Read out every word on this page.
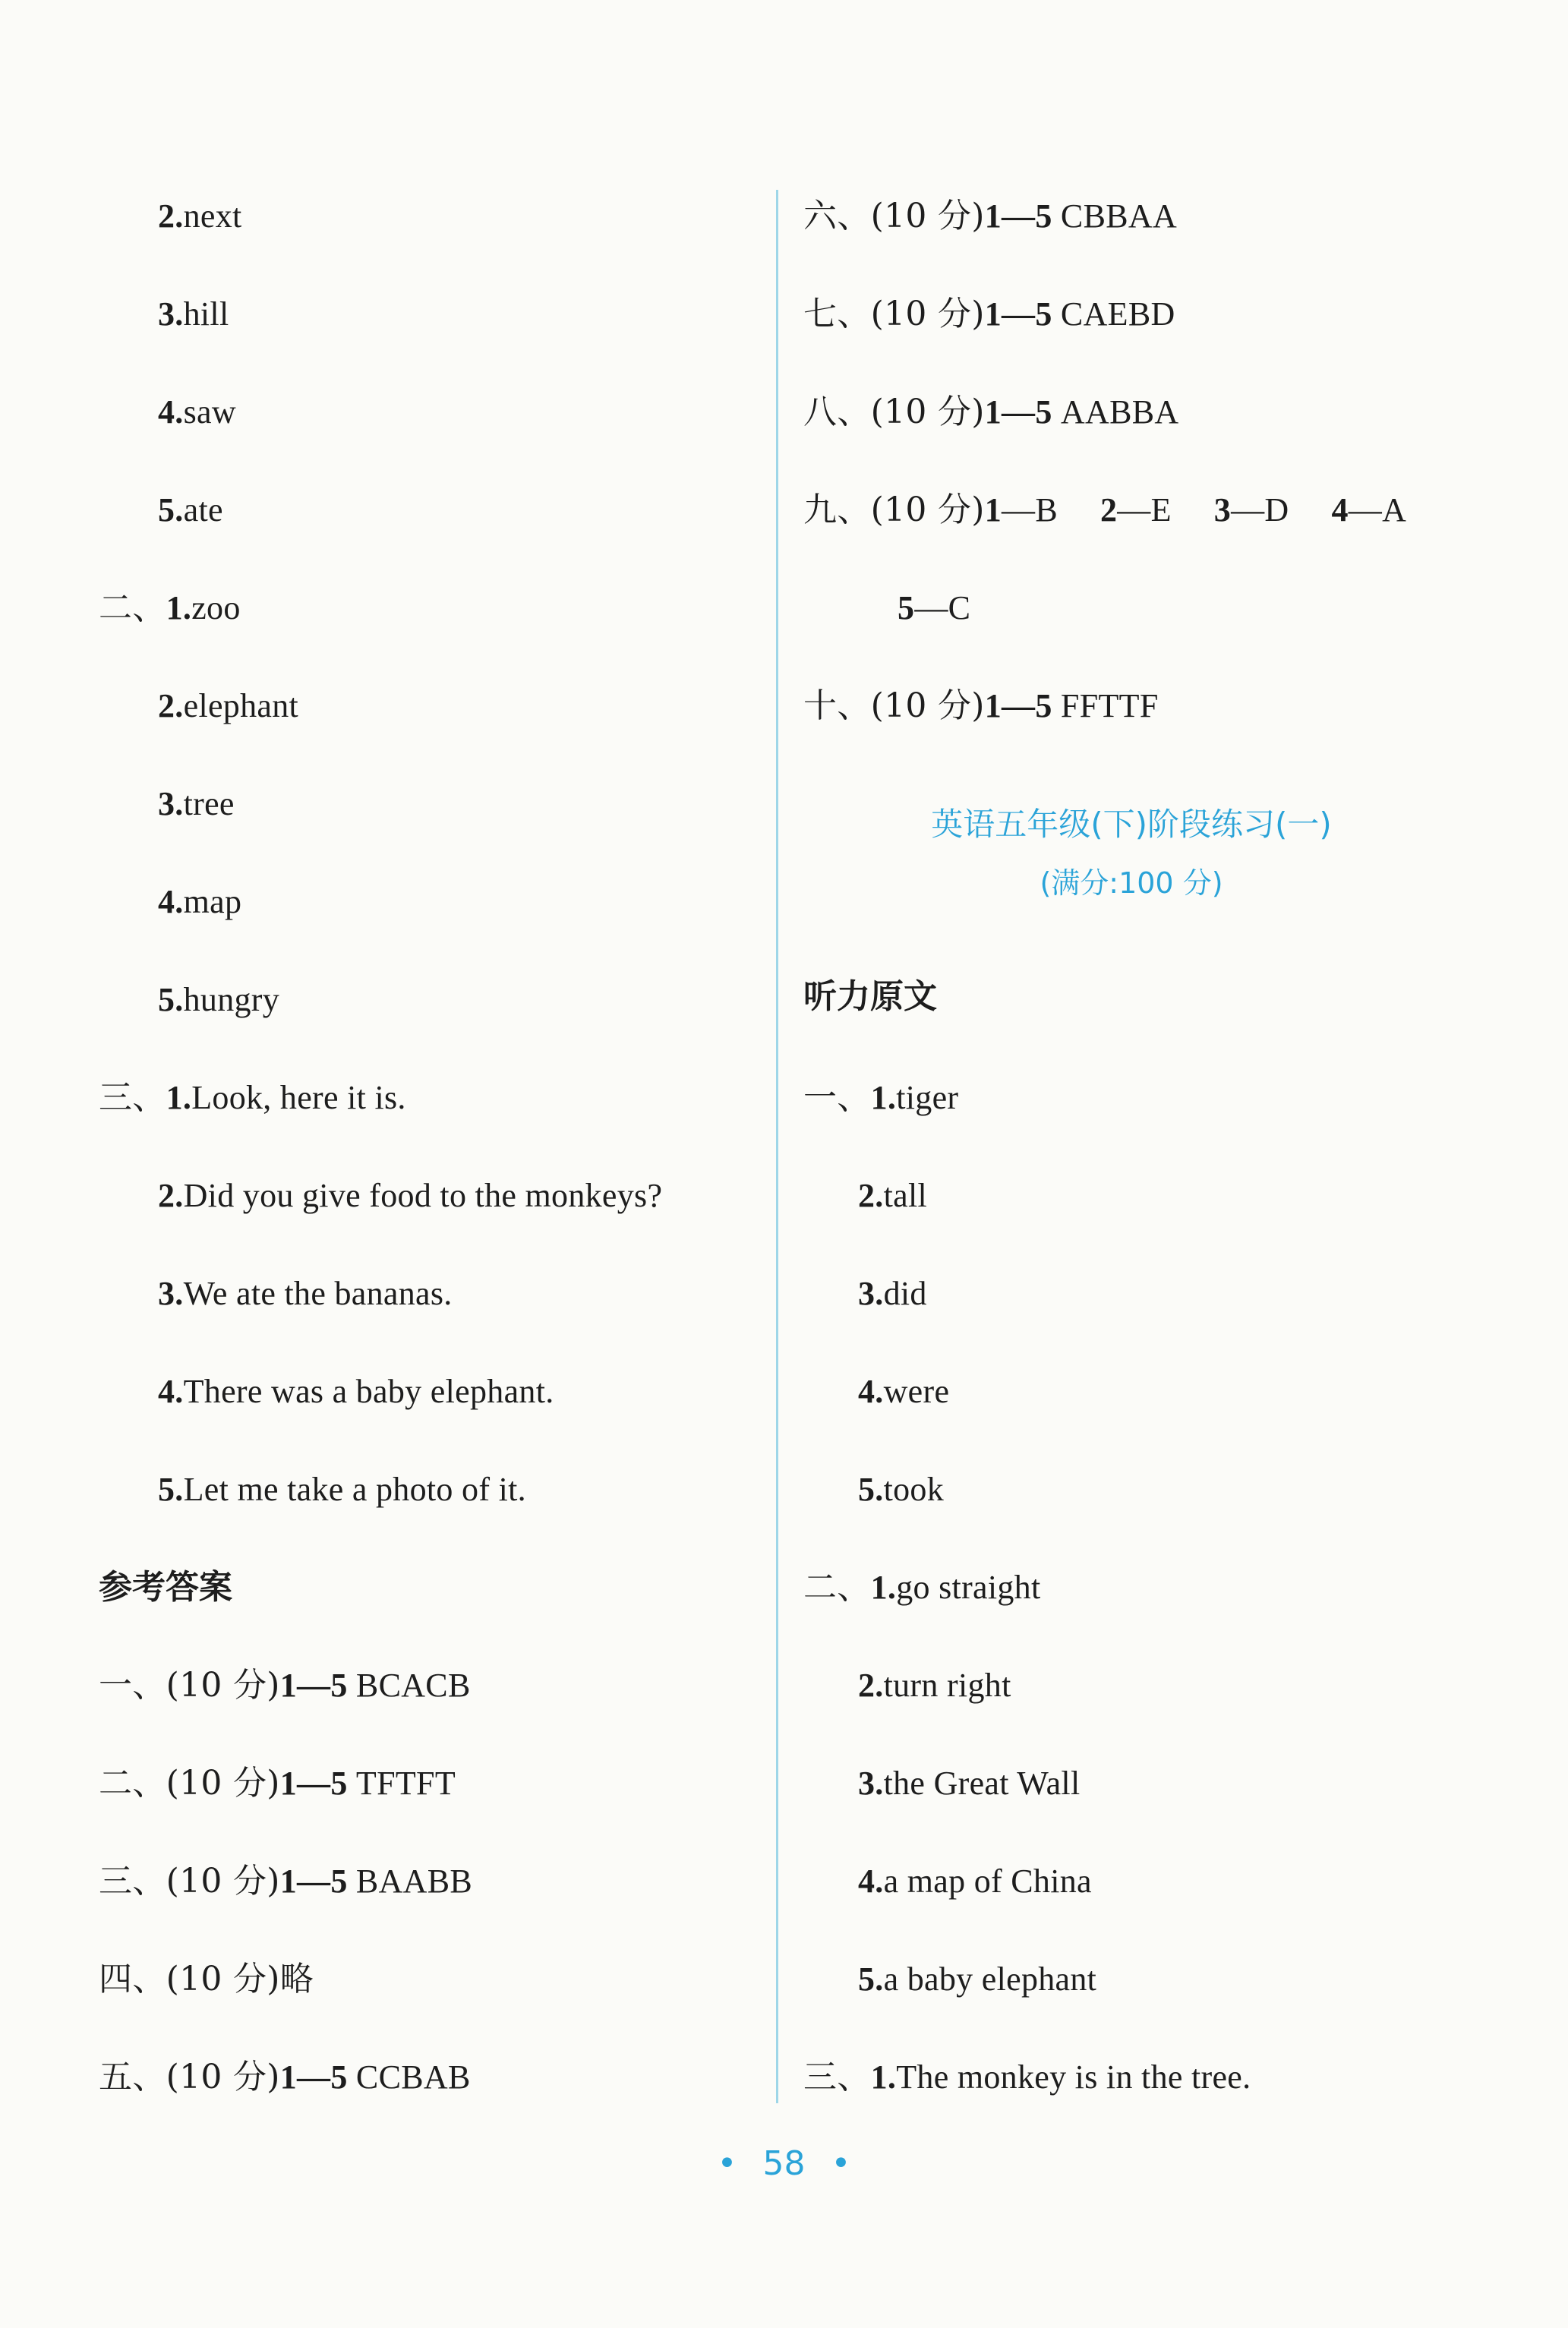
2.next
3.hill
4.saw
5.ate
二、1.zoo
2.elephant
3.tree
4.map
5.hungry
三、1.Look, here it is.
2.Did you give food to the monkeys?
3.We ate the bananas.
4.There was a baby elephant.
5.Let me take a photo of it.
参考答案
一、(10 分)1—5 BCACB
二、(10 分)1—5 TFTFT
三、(10 分)1—5 BAABB
四、(10 分)略
五、(10 分)1—5 CCBAB
六、(10 分)1—5 CBBAA
七、(10 分)1—5 CAEBD
八、(10 分)1—5 AABBA
九、(10 分)1—B 2—E 3—D 4—A
5—C
十、(10 分)1—5 FFTTF
英语五年级(下)阶段练习(一)
(满分:100 分)
听力原文
一、1.tiger
2.tall
3.did
4.were
5.took
二、1.go straight
2.turn right
3.the Great Wall
4.a map of China
5.a baby elephant
三、1.The monkey is in the tree.
• 58 •
